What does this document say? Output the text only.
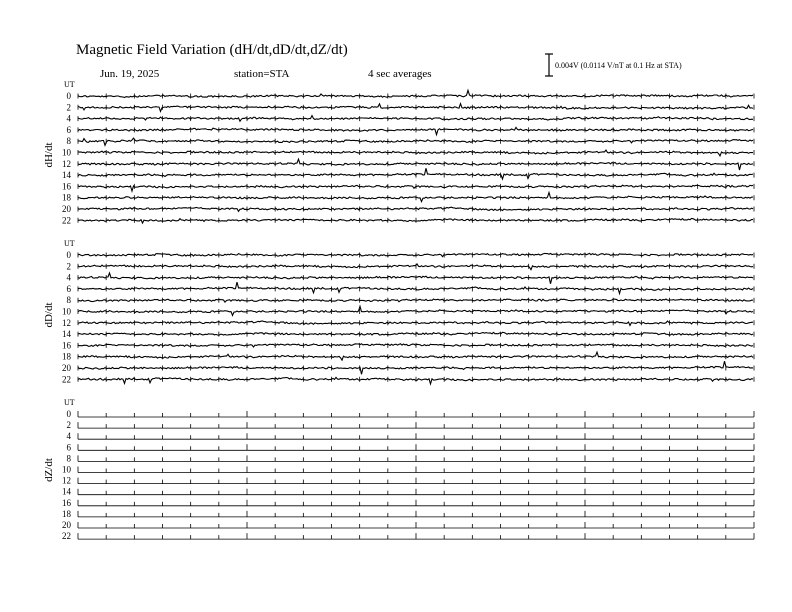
Magnetic Field Variation (dH/dt,dD/dt,dZ/dt)
Jun. 19, 2025	station=STA	4 sec averages
0.004V (0.0114 V/nT at 0.1 Hz at STA)
UT
dH/dt
0
2
4
6
8
10
12
14
16
18
20
22
UT
dD/dt
0
2
4
6
8
10
12
14
16
18
20
22
UT
dZ/dt
0
2
4
6
8
10
12
14
16
18
20
22
